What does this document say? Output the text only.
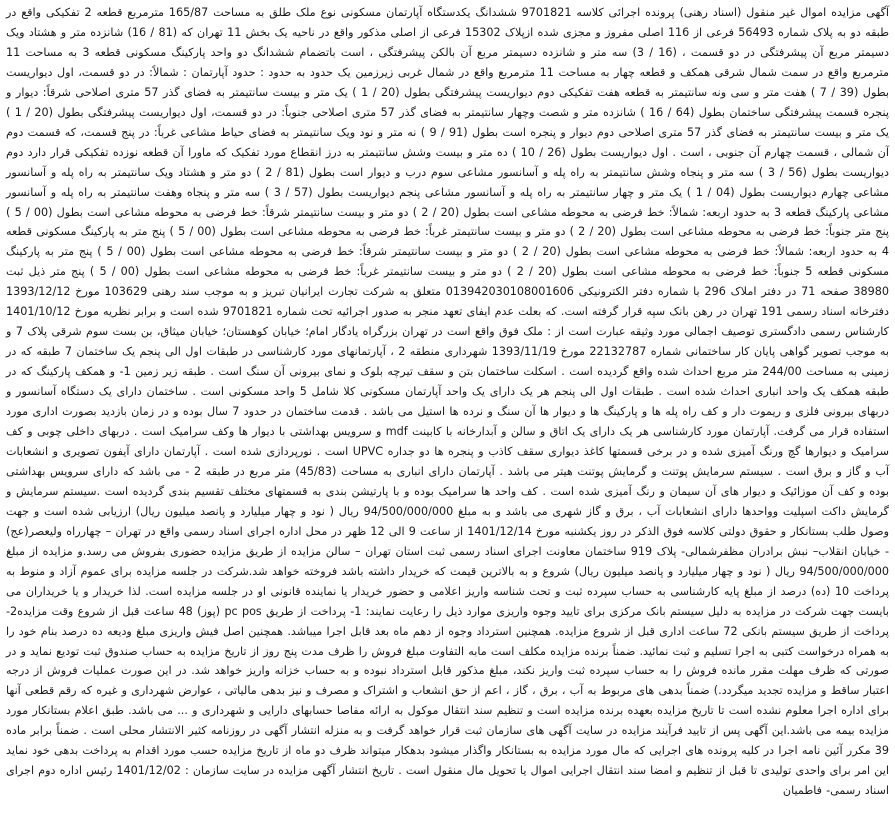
آگهی مزایده اموال غیر منقول (اسناد رهنی) پرونده اجرائی کلاسه 9701821 ششدانگ یکدستگاه آپارتمان مسکونی نوع ملک طلق به مساحت 165/87 مترمربع قطعه 2 تفکیکی واقع در طبقه دو به پلاک شماره 56493 فرعی از 116 اصلی مفروز و مجزی شده ازپلاک 15302 فرعی از اصلی مذکور واقع در ناحیه یک بخش 11 تهران که (81 / 16) شانزده متر و هشتاد ویک دسیمتر مربع آن پیشرفتگی در دو قسمت ، (16 / 3) سه متر و شانزده دسیمتر مربع آن بالکن پیشرفتگی ، است باتضمام ششدانگ دو واحد پارکینگ مسکونی قطعه 3 به مساحت 11 مترمربع واقع در سمت شمال شرقی همکف و قطعه چهار به مساحت 11 مترمربع واقع در شمال غربی زیرزمین یک حدود به حدود : حدود آپارتمان : شمالاً: در دو قسمت، اول دیواریست بطول (39 / 7 ) هفت متر و سی ونه سانتیمتر به قطعه هفت تفکیکی دوم دیواریست پیشرفتگی بطول (20 / 1 ) یک متر و بیست سانتیمتر به فضای گذر 57 متری اصلاحی شرقاً: دیوار و پنجره قسمت پیشرفتگی ساختمان بطول (64 / 16 ) شانزده متر و شصت وچهار سانتیمتر به فضای گذر 57 متری اصلاحی جنوباً: در دو قسمت، اول دیواریست پیشرفتگی بطول (20 / 1 ) یک متر و بیست سانتیمتر به فضای گذر 57 متری اصلاحی دوم دیوار و پنجره است بطول (91 / 9 ) نه متر و نود ویک سانتیمتر به فضای حیاط مشاعی غرباً: در پنج قسمت، که قسمت دوم آن شمالی ، قسمت چهارم آن جنوبی ، است . اول دیواریست بطول (26 / 10 ) ده متر و بیست وشش سانتیمتر به درز انقطاع مورد تفکیک که ماورا آن قطعه نوزده تفکیکی قرار دارد دوم دیواریست بطول (56 / 3 ) سه متر و پنجاه وشش سانتیمتر به راه پله و آسانسور مشاعی سوم درب و دیوار است بطول (81 / 2 ) دو متر و هشتاد ویک سانتیمتر به راه پله و آسانسور مشاعی چهارم دیواریست بطول (04 / 1 ) یک متر و چهار سانتیمتر به راه پله و آسانسور مشاعی پنجم دیواریست بطول (57 / 3 ) سه متر و پنجاه وهفت سانتیمتر به راه پله و آسانسور مشاعی پارکینگ قطعه 3 به حدود اربعه: شمالاً: خط فرضی به محوطه مشاعی است بطول (20 / 2 ) دو متر و بیست سانتیمتر شرقاً: خط فرضی به محوطه مشاعی است بطول (00 / 5 ) پنج متر جنوباً: خط فرضی به محوطه مشاعی است بطول (20 / 2 ) دو متر و بیست سانتیمتر غرباً: خط فرضی به محوطه مشاعی است بطول (00 / 5 ) پنج متر به پارکینگ مسکونی قطعه 4 به حدود اربعه: شمالاً: خط فرضی به محوطه مشاعی است بطول (20 / 2 ) دو متر و بیست سانتیمتر شرقاً: خط فرضی به محوطه مشاعی است بطول (00 / 5 ) پنج متر به پارکینگ مسکونی قطعه 5 جنوباً: خط فرضی به محوطه مشاعی است بطول (20 / 2 ) دو متر و بیست سانتیمتر غرباً: خط فرضی به محوطه مشاعی است بطول (00 / 5 ) پنج متر ذیل ثبت 38980 صفحه 71 در دفتر املاک 296 با شماره دفتر الکترونیکی 013942030108001606 متعلق به شرکت تجارت ایرانیان تبریز و به موجب سند رهنی 103629 مورخ 1393/12/12 دفترخانه اسناد رسمی 191 تهران در رهن بانک سپه قرار گرفته است. که بعلت عدم ایفای تعهد منجر به صدور اجرائیه تحت شماره 9701821 شده است و برابر نظریه مورخ 1401/10/12 کارشناس رسمی دادگستری توصیف اجمالی مورد وثیقه عبارت است از : ملک فوق واقع است در تهران بزرگراه یادگار امام؛ خیابان کوهستان؛ خیابان میثاق، بن بست سوم شرقی پلاک 7 و به موجب تصویر گواهی پایان کار ساختمانی شماره 22132787 مورخ 1393/11/19 شهرداری منطقه 2 ، آپارتمانهای مورد کارشناسی در طبقات اول الی پنجم یک ساختمان 7 طبقه که در زمینی به مساحت 244/00 متر مربع احداث شده واقع گردیده است . اسکلت ساختمان بتن و سقف تیرچه بلوک و نمای بیرونی آن سنگ است . طبقه زیر زمین 1- و همکف پارکینگ که در طبقه همکف یک واحد انباری احداث شده است . طبقات اول الی پنجم هر یک دارای یک واحد آپارتمان مسکونی کلا شامل 5 واحد مسکونی است . ساختمان دارای یک دستگاه آسانسور و دربهای بیرونی فلزی و ریموت دار و کف راه پله ها و پارکینگ ها و دیوار ها آن سنگ و نرده ها استیل می باشد . قدمت ساختمان در حدود 7 سال بوده و در زمان بازدید بصورت اداری مورد استفاده قرار می گرفت. آپارتمان مورد کارشناسی هر یک دارای یک اتاق و سالن و آبدارخانه با کابینت mdf و سرویس بهداشتی با دیوار ها وکف سرامیک است . دربهای داخلی چوبی و کف سرامیک و دیوارها گچ ورنگ آمیزی شده و در برخی قسمتها کاغذ دیواری سقف کاذب و پنجره ها دو جداره UPVC است . نورپردازی شده است . آپارتمان دارای آیفون تصویری و انشعابات آب و گاز و برق است . سیستم سرمایش پوتنت و گرمایش پوتنت هیتر می باشد . آپارتمان دارای انباری به مساحت (45/83) متر مربع در طبقه 2 - می باشد که دارای سرویس بهداشتی بوده و کف آن موزائیک و دیوار های آن سیمان و رنگ آمیزی شده است . کف واحد ها سرامیک بوده و با پارتیشن بندی به قسمتهای مختلف تقسیم بندی گردیده است .سیستم سرمایش و گرمایش داکت اسپلیت وواحدها دارای انشعابات آب ، برق و گاز شهری می باشد و به مبلغ 94/500/000/000 ریال ( نود و چهار میلیارد و پانصد میلیون ریال) ارزیابی شده است و جهت وصول طلب بستانکار و حقوق دولتی کلاسه فوق الذکر در روز یکشنبه مورخ 1401/12/14 از ساعت 9 الی 12 ظهر در محل اداره اجرای اسناد رسمی واقع در تهران – چهارراه ولیعصر(عج) - خیابان انقلاب– نبش برادران مظفرشمالی- پلاک 919 ساختمان معاونت اجرای اسناد رسمی ثبت استان تهران – سالن مزایده از طریق مزایده حضوری بفروش می رسد.و مزایده از مبلغ 94/500/000/000 ریال ( نود و چهار میلیارد و پانصد میلیون ریال) شروع و به بالاترین قیمت که خریدار داشته باشد فروخته خواهد شد.شرکت در جلسه مزایده برای عموم آزاد و منوط به پرداخت 10 (ده) درصد از مبلغ پایه کارشناسی به حساب سپرده ثبت و تحت شناسه واریز اعلامی و حضور خریدار یا نماینده قانونی او در جلسه مزایده است. لذا خریدار و یا خریداران می بایست جهت شرکت در مزایده به دلیل سیستم بانک مرکزی برای تایید وجوه واریزی موارد ذیل را رعایت نمایند: 1- پرداخت از طریق pc pos (پوز) 48 ساعت قبل از شروع وقت مزایده2- پرداخت از طریق سیستم بانکی 72 ساعت اداری قبل از شروع مزایده. همچنین استرداد وجوه از دهم ماه بعد قابل اجرا میباشد. همچنین اصل فیش واریزی مبلغ ودیعه ده درصد بنام خود را به همراه درخواست کتبی به اجرا تسلیم و ثبت نمائید. ضمناً برنده مزایده مکلف است مابه التفاوت مبلغ فروش را ظرف مدت پنج روز از تاریخ مزایده به حساب صندوق ثبت تودیع نماید و در صورتی که ظرف مهلت مقرر مانده فروش را به حساب سپرده ثبت واریز نکند، مبلغ مذکور قابل استرداد نبوده و به حساب خزانه واریز خواهد شد. در این صورت عملیات فروش از درجه اعتبار ساقط و مزایده تجدید میگردد.) ضمناً بدهی های مربوط به آب ، برق ، گاز ، اعم از حق انشعاب و اشتراک و مصرف و نیز بدهی مالیاتی ، عوارض شهرداری و غیره که رقم قطعی آنها برای اداره اجرا معلوم نشده است تا تاریخ مزایده بعهده برنده مزایده است و تنظیم سند انتقال موکول به ارائه مفاصا حسابهای دارایی و شهرداری و ... می باشد. طبق اعلام بستانکار مورد مزایده بیمه می باشد.این آگهی پس از تایید فرآیند مزایده در سایت آگهی های سازمان ثبت قرار خواهد گرفت و به منزله انتشار آگهی در روزنامه کثیر الانتشار محلی است . ضمناً برابر ماده 39 مکرر آئین نامه اجرا در کلیه پرونده های اجرایی که مال مورد مزایده به بستانکار واگذار میشود بدهکار میتواند ظرف دو ماه از تاریخ مزایده حسب مورد اقدام به پرداخت بدهی خود نماید این امر برای واحدی تولیدی تا قبل از تنظیم و امضا سند انتقال اجرایی اموال یا تحویل مال منقول است . تاریخ انتشار آگهی مزایده در سایت سازمان : 1401/12/02 رئیس اداره دوم اجرای اسناد رسمی- فاطمیان
